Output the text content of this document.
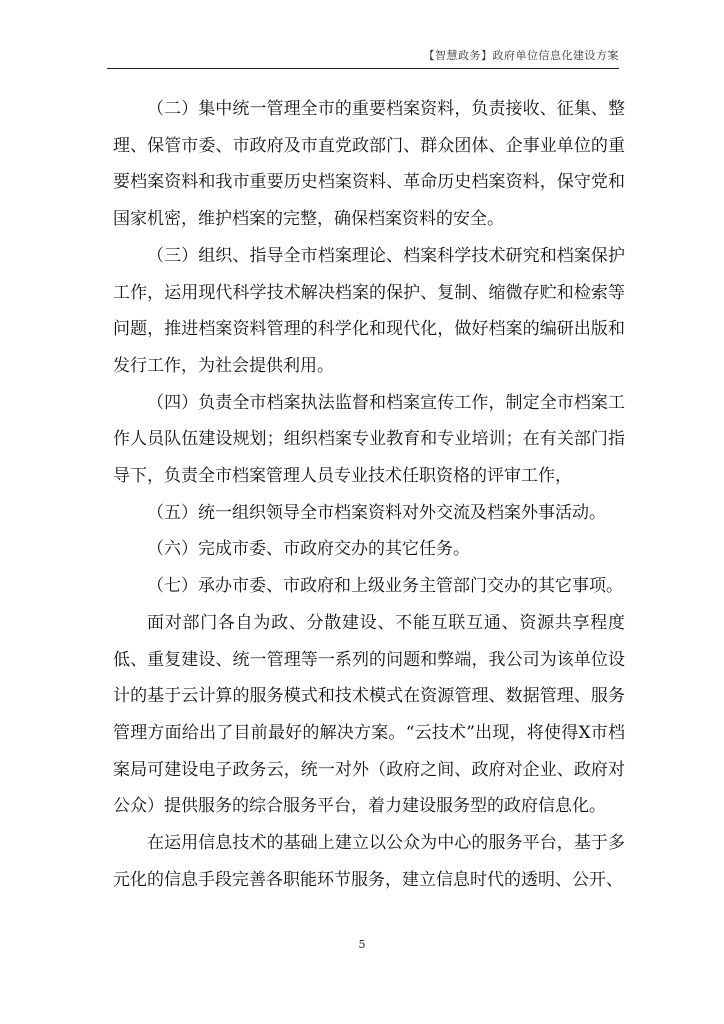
【智慧政务】政府单位信息化建设方案

（二）集中统一管理全市的重要档案资料，负责接收、征集、整理、保管市委、市政府及市直党政部门、群众团体、企事业单位的重要档案资料和我市重要历史档案资料、革命历史档案资料，保守党和国家机密，维护档案的完整，确保档案资料的安全。

（三）组织、指导全市档案理论、档案科学技术研究和档案保护工作，运用现代科学技术解决档案的保护、复制、缩微存贮和检索等问题，推进档案资料管理的科学化和现代化，做好档案的编研出版和发行工作，为社会提供利用。

（四）负责全市档案执法监督和档案宣传工作，制定全市档案工作人员队伍建设规划；组织档案专业教育和专业培训；在有关部门指导下，负责全市档案管理人员专业技术任职资格的评审工作，

（五）统一组织领导全市档案资料对外交流及档案外事活动。

（六）完成市委、市政府交办的其它任务。

（七）承办市委、市政府和上级业务主管部门交办的其它事项。

面对部门各自为政、分散建设、不能互联互通、资源共享程度低、重复建设、统一管理等一系列的问题和弊端，我公司为该单位设计的基于云计算的服务模式和技术模式在资源管理、数据管理、服务管理方面给出了目前最好的解决方案。“云技术”出现，将使得X市档案局可建设电子政务云，统一对外（政府之间、政府对企业、政府对公众）提供服务的综合服务平台，着力建设服务型的政府信息化。

在运用信息技术的基础上建立以公众为中心的服务平台，基于多元化的信息手段完善各职能环节服务，建立信息时代的透明、公开、

5
